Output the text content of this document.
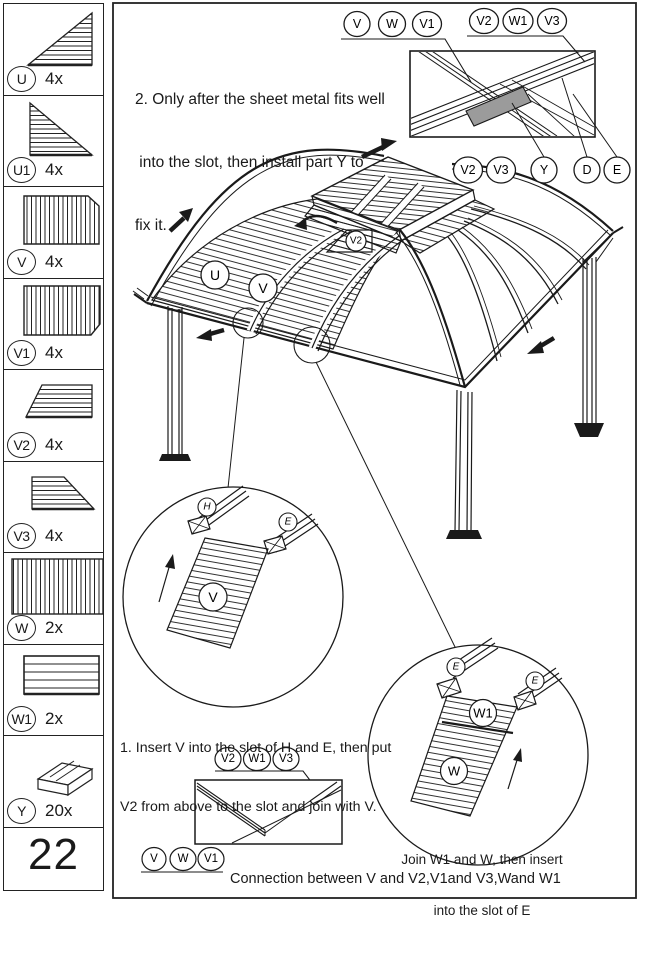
U	4x
U1 4x
V	4x
V1 4x
V2 4x
V3 4x
W	2x
W1 2x
Y	20x
22
U
V
V2
V W V1	V2 W1 V3
V2 V3 Y	D E
H
E
V
E
E
W1
W
V2 W1 V3
V W V1

2. Only after the sheet metal fits well

into the slot, then install part Y to

fix it.

1. Insert V into the slot of H and E, then put

V2 from above to the slot and join with V.

Join W1 and W, then insert

into the slot of E

Connection between V and V2,V1and V3,Wand W1
